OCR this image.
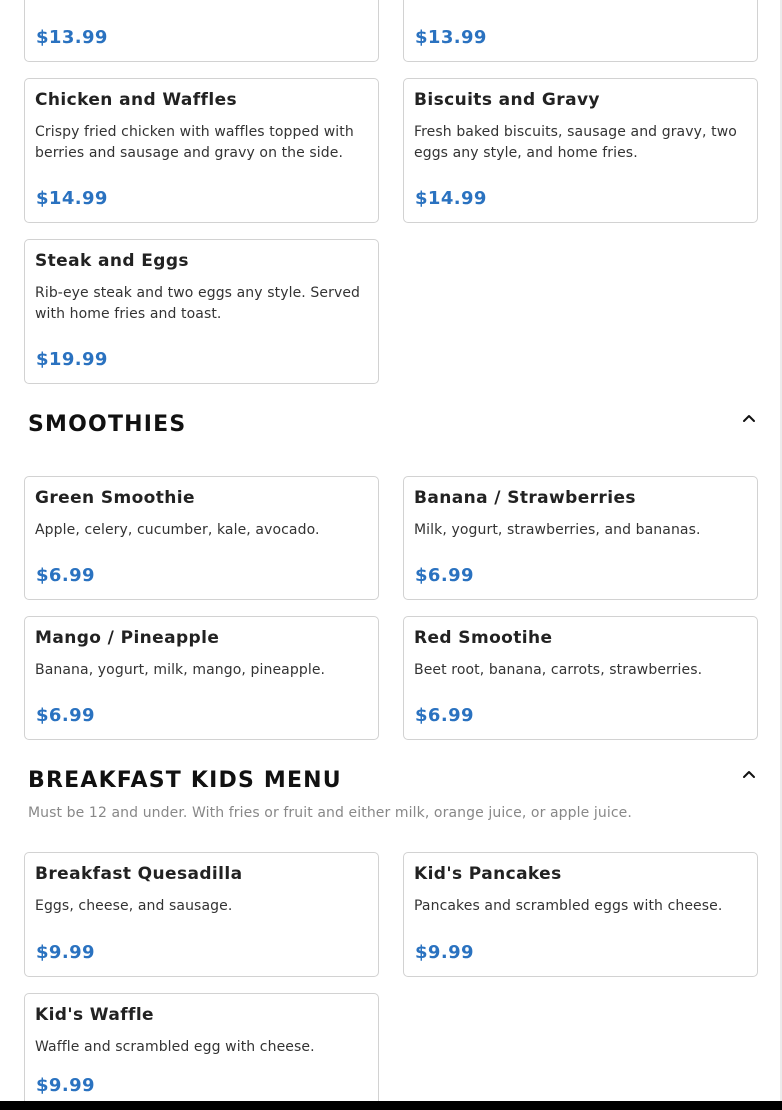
$13.99	$13.99
Chicken and Waffles
Crispy fried chicken with waffles topped with berries and sausage and gravy on the side.
$14.99
Biscuits and Gravy
Fresh baked biscuits, sausage and gravy, two eggs any style, and home fries.
$14.99
Steak and Eggs
Rib-eye steak and two eggs any style. Served with home fries and toast.
$19.99
SMOOTHIES
Green Smoothie
Apple, celery, cucumber, kale, avocado.
$6.99
Banana / Strawberries
Milk, yogurt, strawberries, and bananas.
$6.99
Mango / Pineapple
Banana, yogurt, milk, mango, pineapple.
$6.99
Red Smootihe
Beet root, banana, carrots, strawberries.
$6.99
BREAKFAST KIDS MENU
Must be 12 and under. With fries or fruit and either milk, orange juice, or apple juice.
Breakfast Quesadilla
Eggs, cheese, and sausage.
$9.99
Kid's Pancakes
Pancakes and scrambled eggs with cheese.
$9.99
Kid's Waffle
Waffle and scrambled egg with cheese.
$9.99
